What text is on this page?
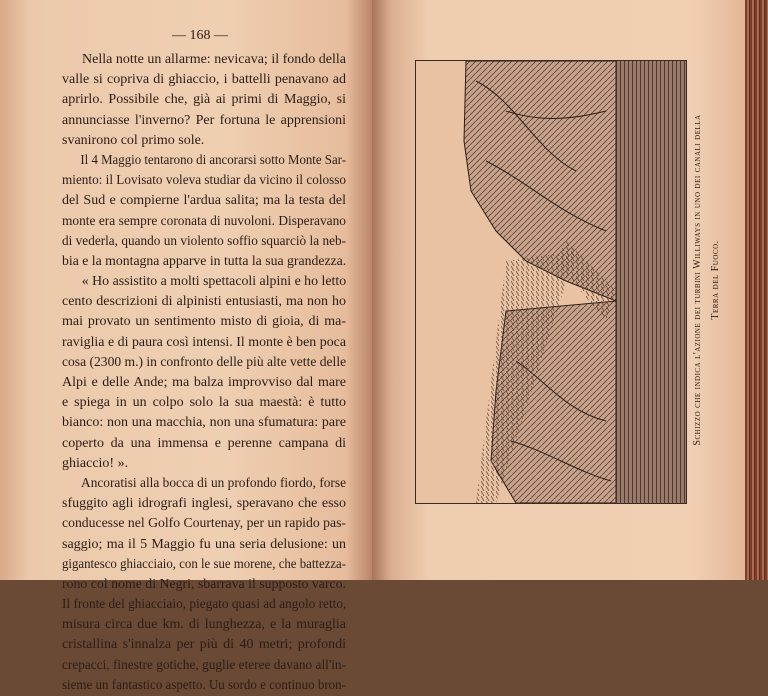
— 168 —
Nella notte un allarme: nevicava; il fondo della
valle si copriva di ghiaccio, i battelli penavano ad
aprirlo. Possibile che, già ai primi di Maggio, si
annunciasse l'inverno? Per fortuna le apprensioni
svanirono col primo sole.
Il 4 Maggio tentarono di ancorarsi sotto Monte Sar-
miento: il Lovisato voleva studiar da vicino il colosso
del Sud e compierne l'ardua salita; ma la testa del
monte era sempre coronata di nuvoloni. Disperavano
di vederla, quando un violento soffio squarciò la neb-
bia e la montagna apparve in tutta la sua grandezza.
« Ho assistito a molti spettacoli alpini e ho letto
cento descrizioni di alpinisti entusiasti, ma non ho
mai provato un sentimento misto di gioia, di ma-
raviglia e di paura così intensi. Il monte è ben poca
cosa (2300 m.) in confronto delle più alte vette delle
Alpi e delle Ande; ma balza improvviso dal mare
e spiega in un colpo solo la sua maestà: è tutto
bianco: non una macchia, non una sfumatura: pare
coperto da una immensa e perenne campana di
ghiaccio! ».
Ancoratisi alla bocca di un profondo fiordo, forse
sfuggito agli idrografi inglesi, speravano che esso
conducesse nel Golfo Courtenay, per un rapido pas-
saggio; ma il 5 Maggio fu una seria delusione: un
gigantesco ghiacciaio, con le sue morene, che battezza-
rono col nome di Negri, sbarrava il supposto varco.
Il fronte del ghiacciaio, piegato quasi ad angolo retto,
misura circa due km. di lunghezza, e la muraglia
cristallina s'innalza per più di 40 metri; profondi
crepacci, finestre gotiche, guglie eteree davano all'in-
sieme un fantastico aspetto. Uu sordo e continuo bron-
Schizzo che indica l'azione dei turbini Williways in uno dei canali della Terra del Fuoco.
